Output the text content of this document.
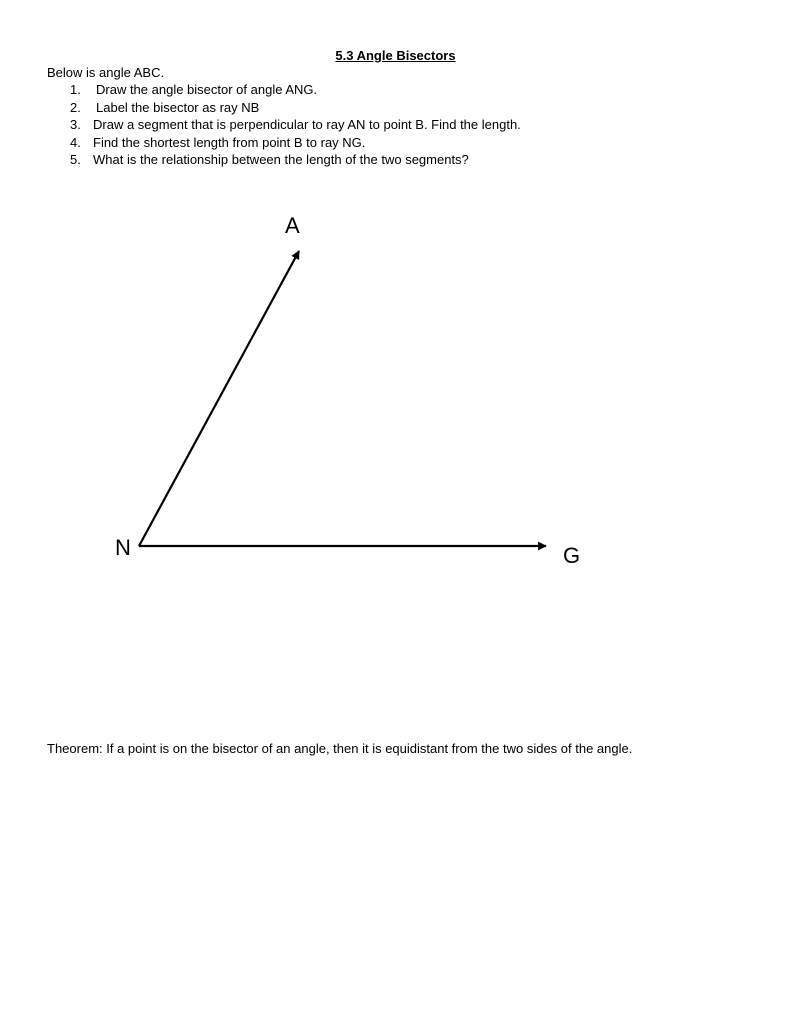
5.3 Angle Bisectors
Below is angle ABC.
1.	Draw the angle bisector of angle ANG.
2.	Label the bisector as ray NB
3. Draw a segment that is perpendicular to ray AN to point B. Find the length.
4. Find the shortest length from point B to ray NG.
5. What is the relationship between the length of the two segments?
A
N	G
Theorem: If a point is on the bisector of an angle, then it is equidistant from the two sides of the angle.
